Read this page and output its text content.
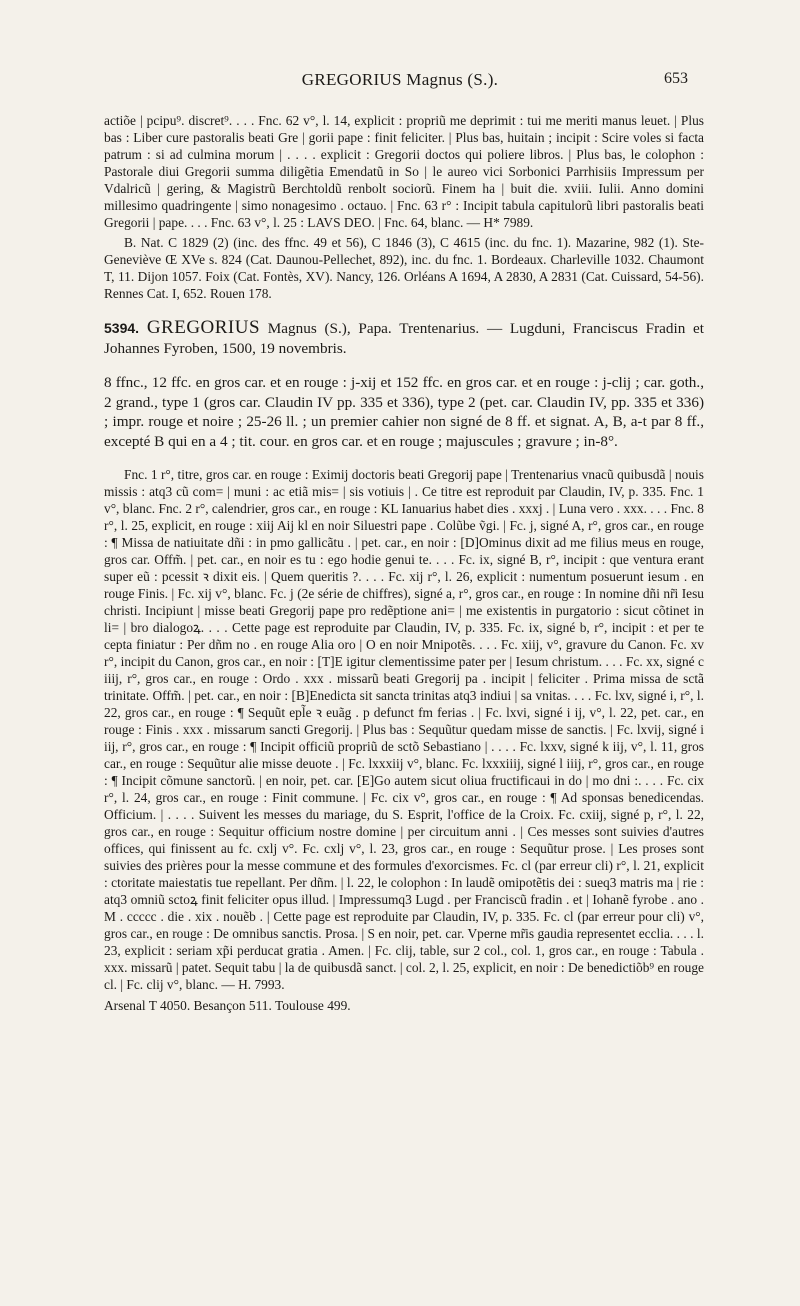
GREGORIUS Magnus (S.).	653

actiõe | pcipu⁹. discret⁹. . . . Fnc. 62 v°, l. 14, explicit : propriũ me deprimit : tui me meriti manus leuet. | Plus bas : Liber cure pastoralis beati Gre | gorii pape : finit feliciter. | Plus bas, huitain ; incipit : Scire voles si facta patrum : si ad culmina morum | . . . . explicit : Gregorii doctos qui poliere libros. | Plus bas, le colophon : Pastorale diui Gregorii summa diligẽtia Emendatũ in So | le aureo vici Sorbonici Parrhisiis Impressum per Vdalricũ | gering, & Magistrũ Berchtoldũ renbolt sociorũ. Finem ha | buit die. xviii. Iulii. Anno domini millesimo quadringente | simo nonagesimo . octauo. | Fnc. 63 r° : Incipit tabula capitulorũ libri pastoralis beati Gregorii | pape. . . . Fnc. 63 v°, l. 25 : LAVS DEO. | Fnc. 64, blanc. — H* 7989.

B. Nat. C 1829 (2) (inc. des ffnc. 49 et 56), C 1846 (3), C 4615 (inc. du fnc. 1). Mazarine, 982 (1). Ste-Geneviève Œ XVe s. 824 (Cat. Daunou-Pellechet, 892), inc. du fnc. 1. Bordeaux. Charleville 1032. Chaumont T, 11. Dijon 1057. Foix (Cat. Fontès, XV). Nancy, 126. Orléans A 1694, A 2830, A 2831 (Cat. Cuissard, 54-56). Rennes Cat. I, 652. Rouen 178.

5394. GREGORIUS Magnus (S.), Papa. Trentenarius. — Lugduni, Franciscus Fradin et Johannes Fyroben, 1500, 19 novembris.

8 ffnc., 12 ffc. en gros car. et en rouge : j-xij et 152 ffc. en gros car. et en rouge : j-clij ; car. goth., 2 grand., type 1 (gros car. Claudin IV pp. 335 et 336), type 2 (pet. car. Claudin IV, pp. 335 et 336) ; impr. rouge et noire ; 25-26 ll. ; un premier cahier non signé de 8 ff. et signat. A, B, a-t par 8 ff., excepté B qui en a 4 ; tit. cour. en gros car. et en rouge ; majuscules ; gravure ; in-8°.

Fnc. 1 r°, titre, gros car. en rouge : Eximij doctoris beati Gregorij pape | Trentenarius vnacũ quibusdã | nouis missis : atq3 cũ com= | muni : ac etiã mis= | sis votiuis | . Ce titre est reproduit par Claudin, IV, p. 335. Fnc. 1 v°, blanc. Fnc. 2 r°, calendrier, gros car., en rouge : KL Ianuarius habet dies . xxxj . | Luna vero . xxx. . . . Fnc. 8 r°, l. 25, explicit, en rouge : xiij Aij kl en noir Siluestri pape . Colũbe ṽgi. | Fc. j, signé A, r°, gros car., en rouge : ¶ Missa de natiuitate dñi : in pmo gallicãtu . | pet. car., en noir : [D]Ominus dixit ad me filius meus en rouge, gros car. Offm̃. | pet. car., en noir es tu : ego hodie genui te. . . . Fc. ix, signé B, r°, incipit : que ventura erant super eũ : pcessit ꝛ dixit eis. | Quem queritis ?. . . . Fc. xij r°, l. 26, explicit : numentum posuerunt iesum . en rouge Finis. | Fc. xij v°, blanc. Fc. j (2e série de chiffres), signé a, r°, gros car., en rouge : In nomine dñi nr̃i Iesu christi. Incipiunt | misse beati Gregorij pape pro redẽptione ani= | me existentis in purgatorio : sicut cõtinet in li= | bro dialogoꝝ. . . . Cette page est reproduite par Claudin, IV, p. 335. Fc. ix, signé b, r°, incipit : et per te cepta finiatur : Per dñm no . en rouge Alia oro | O en noir Mnipotẽs. . . . Fc. xiij, v°, gravure du Canon. Fc. xv r°, incipit du Canon, gros car., en noir : [T]E igitur clementissime pater per | Iesum christum. . . . Fc. xx, signé c iiij, r°, gros car., en rouge : Ordo . xxx . missarũ beati Gregorij pa . incipit | feliciter . Prima missa de sctã trinitate. Offm̃. | pet. car., en noir : [B]Enedicta sit sancta trinitas atq3 indiui | sa vnitas. . . . Fc. lxv, signé i, r°, l. 22, gros car., en rouge : ¶ Sequũt epl̃e ꝛ euãg . p defunct fm ferias . | Fc. lxvi, signé i ij, v°, l. 22, pet. car., en rouge : Finis . xxx . missarum sancti Gregorij. | Plus bas : Sequũtur quedam misse de sanctis. | Fc. lxvij, signé i iij, r°, gros car., en rouge : ¶ Incipit officiũ propriũ de sctõ Sebastiano | . . . . Fc. lxxv, signé k iij, v°, l. 11, gros car., en rouge : Sequũtur alie misse deuote . | Fc. lxxxiij v°, blanc. Fc. lxxxiiij, signé l iiij, r°, gros car., en rouge : ¶ Incipit cõmune sanctorũ. | en noir, pet. car. [E]Go autem sicut oliua fructificaui in do | mo dni :. . . . Fc. cix r°, l. 24, gros car., en rouge : Finit commune. | Fc. cix v°, gros car., en rouge : ¶ Ad sponsas benedicendas. Officium. | . . . . Suivent les messes du mariage, du S. Esprit, l'office de la Croix. Fc. cxiij, signé p, r°, l. 22, gros car., en rouge : Sequitur officium nostre domine | per circuitum anni . | Ces messes sont suivies d'autres offices, qui finissent au fc. cxlj v°. Fc. cxlj v°, l. 23, gros car., en rouge : Sequũtur prose. | Les proses sont suivies des prières pour la messe commune et des formules d'exorcismes. Fc. cl (par erreur cli) r°, l. 21, explicit : ctoritate maiestatis tue repellant. Per dñm. | l. 22, le colophon : In laudẽ omipotẽtis dei : sueq3 matris ma | rie : atq3 omniũ sctoꝝ finit feliciter opus illud. | Impressumq3 Lugd . per Franciscũ fradin . et | Iohanẽ fyrobe . ano . M . ccccc . die . xix . nouẽb . | Cette page est reproduite par Claudin, IV, p. 335. Fc. cl (par erreur pour cli) v°, gros car., en rouge : De omnibus sanctis. Prosa. | S en noir, pet. car. Vperne mr̃is gaudia representet ecclia. . . . l. 23, explicit : seriam xp̃i perducat gratia . Amen. | Fc. clij, table, sur 2 col., col. 1, gros car., en rouge : Tabula . xxx. missarũ | patet. Sequit tabu | la de quibusdã sanct. | col. 2, l. 25, explicit, en noir : De benedictiõb⁹ en rouge cl. | Fc. clij v°, blanc. — H. 7993.

Arsenal T 4050. Besançon 511. Toulouse 499.
